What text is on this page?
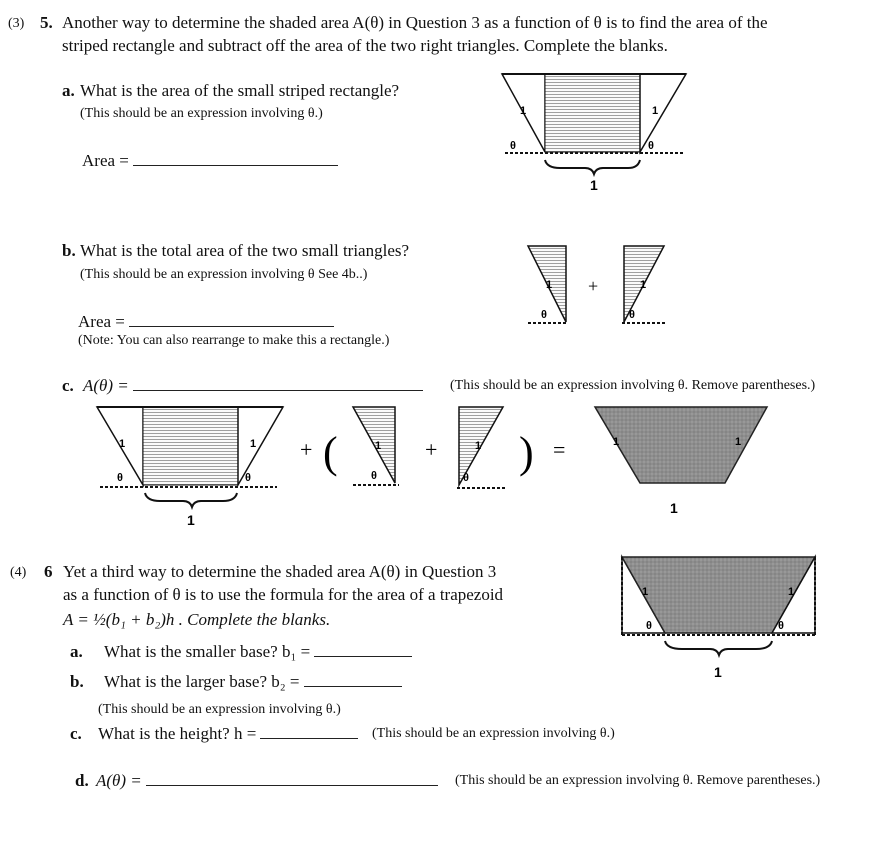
(3) 5. Another way to determine the shaded area A(θ) in Question 3 as a function of θ is to find the area of the
striped rectangle and subtract off the area of the two right triangles. Complete the blanks.
a. What is the area of the small striped rectangle?
(This should be an expression involving θ.)
Area =
1	1
θ	θ
1
b. What is the total area of the two small triangles?
(This should be an expression involving θ See 4b..)
Area =
(Note: You can also rearrange to make this a rectangle.)
1
θ
+	1
θ
c. A(θ) =	(This should be an expression involving θ. Remove parentheses.)
1	1
θ	θ
1
+ (	1
θ
+	1
θ
) =	1	1
1
(4) 6 Yet a third way to determine the shaded area A(θ) in Question 3
as a function of θ is to use the formula for the area of a trapezoid
A = ½(b₁ + b₂)h . Complete the blanks.
a. What is the smaller base? b₁ =
b. What is the larger base? b₂ =
(This should be an expression involving θ.)
c. What is the height? h =	(This should be an expression involving θ.)
d. A(θ) =	(This should be an expression involving θ. Remove parentheses.)
1	1
θ	θ
1
